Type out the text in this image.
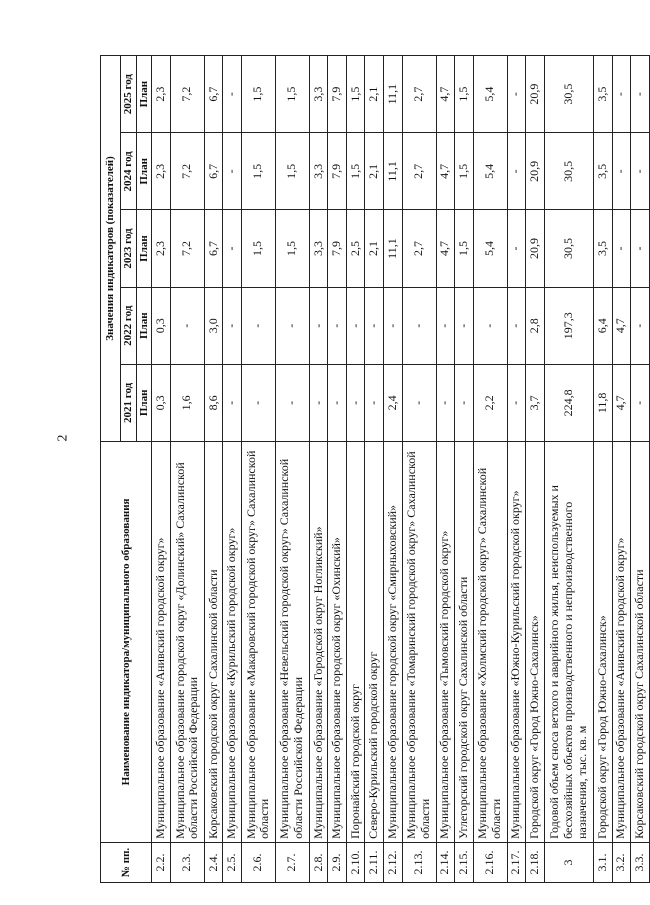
2
№ пп.	Наименование индикатора/муниципального образования	Значения индикаторов (показателей)				
		2021 год	2022 год	2023 год	2024 год	2025 год
		План	План	План	План	План
2.2.	Муниципальное образование «Анивский городской округ»	0,3	0,3	2,3	2,3	2,3
2.3.	Муниципальное образование городской округ «Долинский» Сахалинской области Российской Федерации	1,6	-	7,2	7,2	7,2
2.4.	Корсаковский городской округ Сахалинской области	8,6	3,0	6,7	6,7	6,7
2.5.	Муниципальное образование «Курильский городской округ»	-	-	-	-	-
2.6.	Муниципальное образование «Макаровский городской округ» Сахалинской области	-	-	1,5	1,5	1,5
2.7.	Муниципальное образование «Невельский городской округ» Сахалинской области Российской Федерации	-	-	1,5	1,5	1,5
2.8.	Муниципальное образование «Городской округ Ногликский»	-	-	3,3	3,3	3,3
2.9.	Муниципальное образование городской округ «Охинский»	-	-	7,9	7,9	7,9
2.10.	Поронайский городской округ	-	-	2,5	1,5	1,5
2.11.	Северо-Курильский городской округ	-	-	2,1	2,1	2,1
2.12.	Муниципальное образование городской округ «Смирныховский»	2,4	-	11,1	11,1	11,1
2.13.	Муниципальное образование «Томаринский городской округ» Сахалинской области	-	-	2,7	2,7	2,7
2.14.	Муниципальное образование «Тымовский городской округ»	-	-	4,7	4,7	4,7
2.15.	Углегорский городской округ Сахалинской области	-	-	1,5	1,5	1,5
2.16.	Муниципальное образование «Холмский городской округ» Сахалинской области	2,2	-	5,4	5,4	5,4
2.17.	Муниципальное образование «Южно-Курильский городской округ»	-	-	-	-	-
2.18.	Городской округ «Город Южно-Сахалинск»	3,7	2,8	20,9	20,9	20,9
3	Годовой объем сноса ветхого и аварийного жилья, неиспользуемых и бесхозяйных объектов производственного и непроизводственного назначения, тыс. кв. м	224,8	197,3	30,5	30,5	30,5
3.1.	Городской округ «Город Южно-Сахалинск»	11,8	6,4	3,5	3,5	3,5
3.2.	Муниципальное образование «Анивский городской округ»	4,7	4,7	-	-	-
3.3.	Корсаковский городской округ Сахалинской области	-	-	-	-	-
